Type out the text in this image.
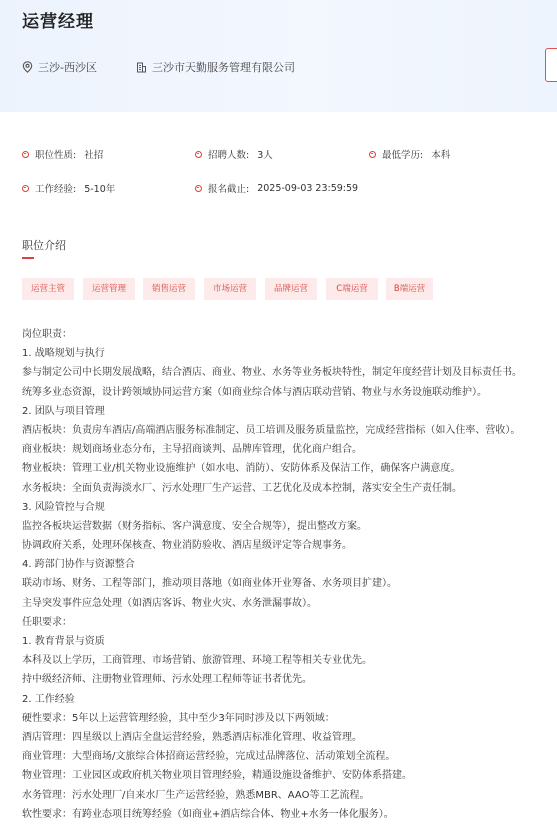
运营经理
三沙-西沙区	三沙市天勤服务管理有限公司
职位性质: 社招	招聘人数: 3人	最低学历: 本科
工作经验: 5-10年	报名截止: 2025-09-03 23:59:59
职位介绍
运营主管	运营管理	销售运营	市场运营	品牌运营	C端运营	B端运营
岗位职责：
1. 战略规划与执行
参与制定公司中长期发展战略，结合酒店、商业、物业、水务等业务板块特性，制定年度经营计划及目标责任书。
统筹多业态资源，设计跨领域协同运营方案（如商业综合体与酒店联动营销、物业与水务设施联动维护）。
2. 团队与项目管理
酒店板块：负责房车酒店/高端酒店服务标准制定、员工培训及服务质量监控，完成经营指标（如入住率、营收）。
商业板块：规划商场业态分布，主导招商谈判、品牌库管理，优化商户组合。
物业板块：管理工业/机关物业设施维护（如水电、消防）、安防体系及保洁工作，确保客户满意度。
水务板块：全面负责海淡水厂、污水处理厂生产运营、工艺优化及成本控制，落实安全生产责任制。
3. 风险管控与合规
监控各板块运营数据（财务指标、客户满意度、安全合规等），提出整改方案。
协调政府关系，处理环保核查、物业消防验收、酒店星级评定等合规事务。
4. 跨部门协作与资源整合
联动市场、财务、工程等部门，推动项目落地（如商业体开业筹备、水务项目扩建）。
主导突发事件应急处理（如酒店客诉、物业火灾、水务泄漏事故）。
任职要求：
1. 教育背景与资质
本科及以上学历，工商管理、市场营销、旅游管理、环境工程等相关专业优先。
持中级经济师、注册物业管理师、污水处理工程师等证书者优先。
2. 工作经验
硬性要求：5年以上运营管理经验，其中至少3年同时涉及以下两领域：
酒店管理：四星级以上酒店全盘运营经验，熟悉酒店标准化管理、收益管理。
商业管理：大型商场/文旅综合体招商运营经验，完成过品牌落位、活动策划全流程。
物业管理：工业园区或政府机关物业项目管理经验，精通设施设备维护、安防体系搭建。
水务管理：污水处理厂/自来水厂生产运营经验，熟悉MBR、AAO等工艺流程。
软性要求：有跨业态项目统筹经验（如商业+酒店综合体、物业+水务一体化服务）。
